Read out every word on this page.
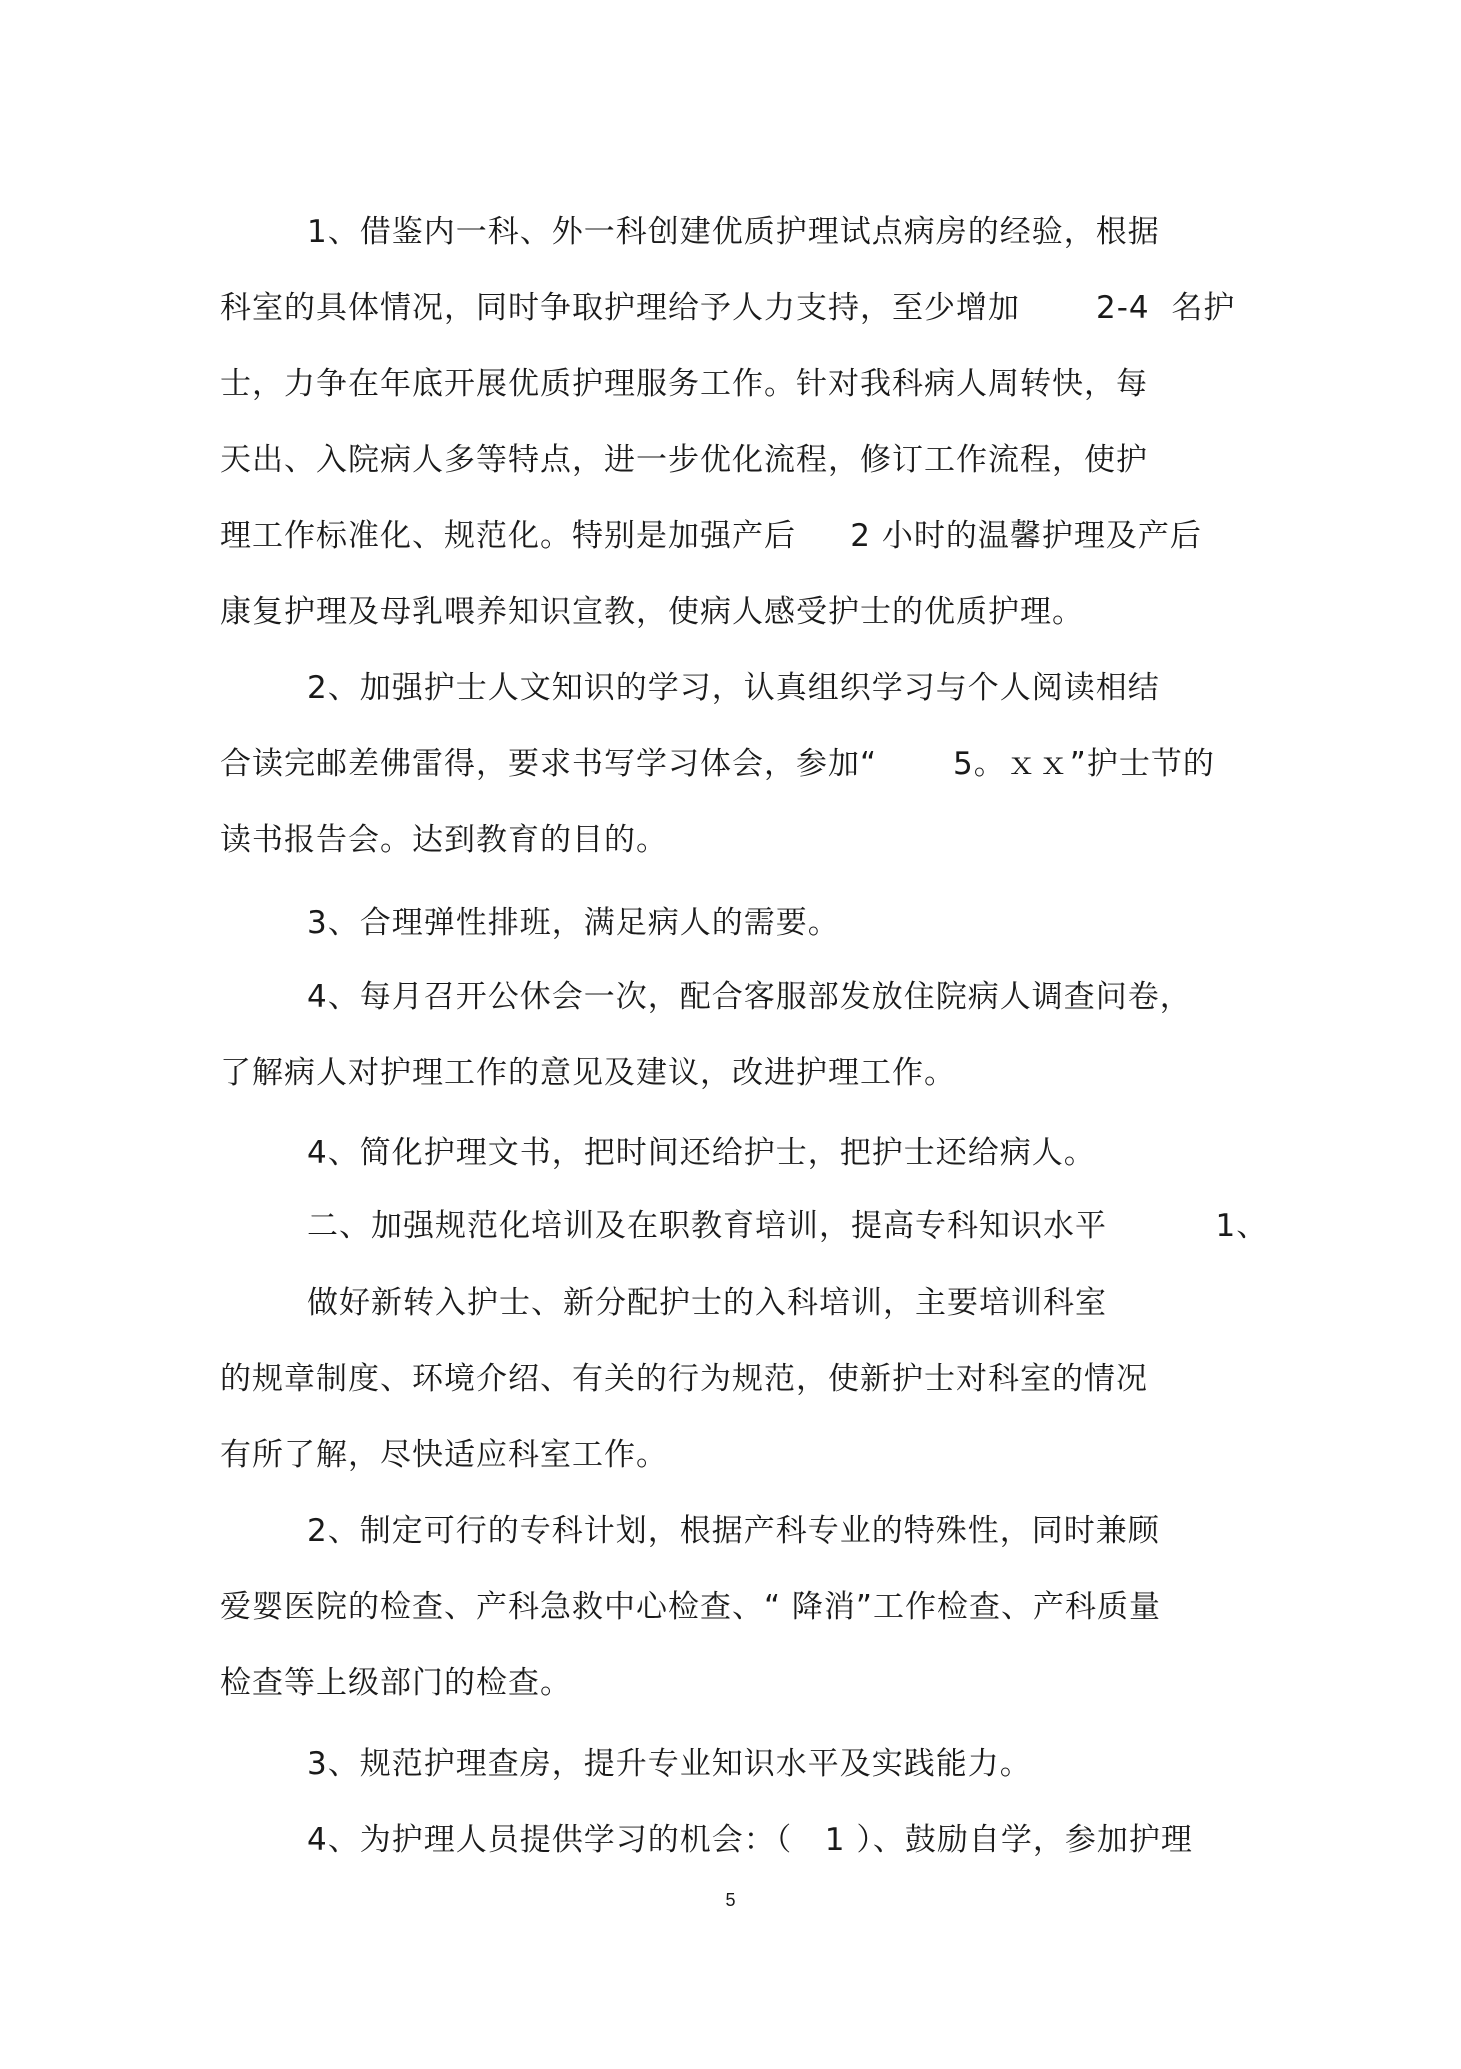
1、借鉴内一科、外一科创建优质护理试点病房的经验，根据
科室的具体情况，同时争取护理给予人力支持，至少增加       2-4  名护
士，力争在年底开展优质护理服务工作。针对我科病人周转快，每
天出、入院病人多等特点，进一步优化流程，修订工作流程，使护
理工作标准化、规范化。特别是加强产后     2 小时的温馨护理及产后
康复护理及母乳喂养知识宣教，使病人感受护士的优质护理。
2、加强护士人文知识的学习，认真组织学习与个人阅读相结
合读完邮差佛雷得，要求书写学习体会，参加“       5。ｘｘ”护士节的
读书报告会。达到教育的目的。
3、合理弹性排班，满足病人的需要。
4、每月召开公休会一次，配合客服部发放住院病人调查问卷，
了解病人对护理工作的意见及建议，改进护理工作。
4、简化护理文书，把时间还给护士，把护士还给病人。
二、加强规范化培训及在职教育培训，提高专科知识水平          1、
做好新转入护士、新分配护士的入科培训，主要培训科室
的规章制度、环境介绍、有关的行为规范，使新护士对科室的情况
有所了解，尽快适应科室工作。
2、制定可行的专科计划，根据产科专业的特殊性，同时兼顾
爱婴医院的检查、产科急救中心检查、“ 降消”工作检查、产科质量
检查等上级部门的检查。
3、规范护理查房，提升专业知识水平及实践能力。
4、为护理人员提供学习的机会：（   1 ）、鼓励自学，参加护理
5
